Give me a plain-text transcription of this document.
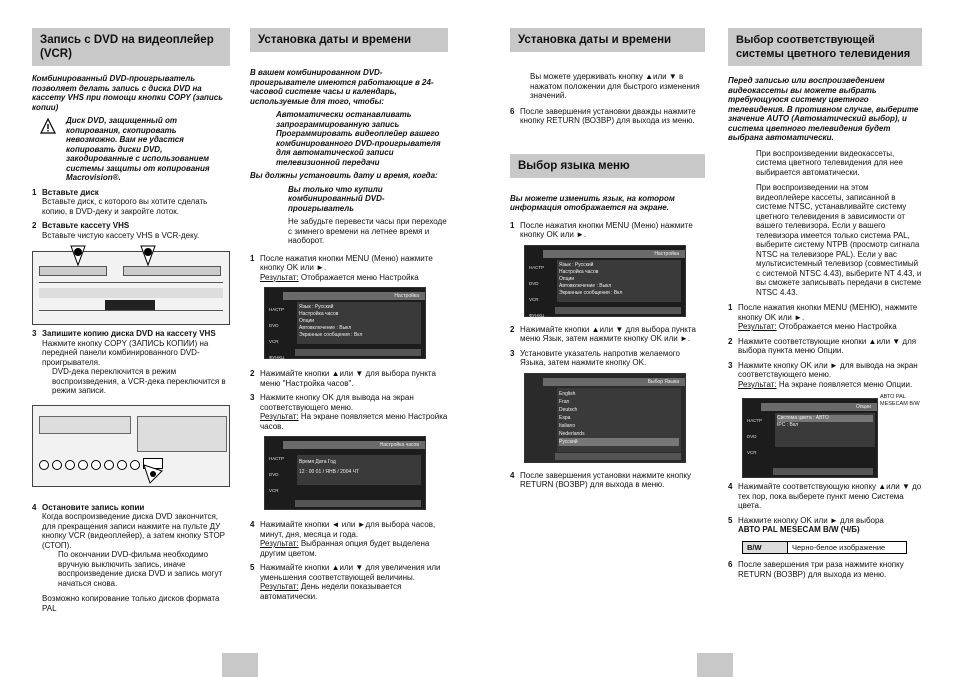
Запись с DVD на видеоплейер (VCR)

Комбинированный DVD-проигрыватель позволяет делать запись с диска DVD на кассету VHS при помощи кнопки COPY (запись копии)

Диск DVD, защищенный от копирования, скопировать невозможно. Вам не удастся копировать диски DVD, закодированные с использованием системы защиты от копирования Macrovision®.

1 Вставьте диск
Вставьте диск, с которого вы хотите сделать копию, в DVD-деку и закройте лоток.
2 Вставьте кассету VHS
Вставьте чистую кассету VHS в VCR-деку.
3 Запишите копию диска DVD на кассету VHS
Нажмите кнопку COPY (ЗАПИСЬ КОПИИ) на передней панели комбинированного DVD-проигрывателя.
DVD-дека переключится в режим воспроизведения, а VCR-дека переключится в режим записи.
4 Остановите запись копии
Когда воспроизведение диска DVD закончится, для прекращения записи нажмите на пульте ДУ кнопку VCR (видеоплейер), а затем кнопку STOP (СТОП).
По окончании DVD-фильма необходимо вручную выключить запись, иначе воспроизведение диска DVD и запись могут начаться снова.
Возможно копирование только дисков формата PAL
Установка даты и времени

В вашем комбинированном DVD-проигрывателе имеются работающие в 24-часовой системе часы и календарь, используемые для того, чтобы:

Автоматически останавливать запрограммированную запись Программировать видеоплейер вашего комбинированного DVD-проигрывателя для автоматической записи телевизионной передачи

Вы должны установить дату и время, когда:

Вы только что купили комбинированный DVD-проигрыватель

Не забудьте перевести часы при переходе с зимнего времени на летнее время и наоборот.

1 После нажатия кнопки MENU (Меню) нажмите кнопку OK или ►.
Результат: Отображается меню Настройка
Настройка
НАСТР
DVD
VCR
ФУНКЦ
Язык : Русский
Настройка часов
Опции
Автовключение : Выкл
Экранные сообщения : Вкл
2 Нажимайте кнопки ▲или ▼ для выбора пункта меню "Настройка часов".
3 Нажмите кнопку OK для вывода на экран соответствующего меню.
Результат: На экране появляется меню Настройка часов.
Настройка часов
НАСТР
DVD
VCR
Время Дата Год
12 : 00 01 / ЯНВ / 2004 ЧТ
4 Нажимайте кнопки ◄ или ►для выбора часов, минут, дня, месяца и года.
Результат: Выбранная опция будет выделена другим цветом.
5 Нажимайте кнопки ▲или ▼ для увеличения или уменьшения соответствующей величины.
Результат: День недели показывается автоматически.
Установка даты и времени

Вы можете удерживать кнопку ▲или ▼ в нажатом положении для быстрого изменения значений.

6 После завершения установки дважды нажмите кнопку RETURN (ВОЗВР) для выхода из меню.
Выбор языка меню

Вы можете изменить язык, на котором информация отображается на экране.

1 После нажатия кнопки MENU (Меню) нажмите кнопку OK или ►.
Настройка
НАСТР
DVD
VCR
ФУНКЦ
Язык : Русский
Настройка часов
Опции
Автовключение : Выкл
Экранные сообщения : Вкл
2 Нажимайте кнопки ▲или ▼ для выбора пункта меню Язык, затем нажмите кнопку OK или ►.
3 Установите указатель напротив желаемого Языка, затем нажмите кнопку OK.
Выбор Языка
English
Fran
Deutsch
Espa
Italiano
Nederlands
Русский
4 После завершения установки нажмите кнопку RETURN (ВОЗВР) для выхода в меню.
Выбор соответствующей системы цветного телевидения

Перед записью или воспроизведением видеокассеты вы можете выбрать требующуюся систему цветного телевидения. В противном случае, выберите значение AUTO (Автоматический выбор), и система цветного телевидения будет выбрана автоматически.

При воспроизведении видеокассеты, система цветного телевидения для нее выбирается автоматически.

При воспроизведении на этом видеоплейере кассеты, записанной в системе NTSC, устанавливайте систему цветного телевидения в зависимости от вашего телевизора. Если у вашего телевизора имеется только система PAL, выберите систему NTPB (просмотр сигнала NTSC на телевизоре PAL). Если у вас мультисистемный телевизор (совместимый с системой NTSC 4.43), выберите NT 4.43, и вы сможете записывать передачи в системе NTSC 4.43.

1 После нажатия кнопки MENU (МЕНЮ), нажмите кнопку OK или ►.
Результат: Отображается меню Настройка
2 Нажмите соответствующие кнопки ▲или ▼ для выбора пункта меню Опции.
3 Нажмите кнопку OK или ► для вывода на экран соответствующего меню.
Результат: На экране появляется меню Опции.
Опции
НАСТР
DVD
VCR
Система цвета : АВТО
IPC : Вкл
АВТО PAL MESECAM B/W
4 Нажимайте соответствующую кнопку ▲или ▼ до тех пор, пока выберете пункт меню Система цвета.
5 Нажмите кнопку OK или ► для выбора
АВТО PAL MESECAM B/W (Ч/Б)
B/W	Черно-белое изображение
6 После завершения три раза нажмите кнопку RETURN (ВОЗВР) для выхода из меню.
